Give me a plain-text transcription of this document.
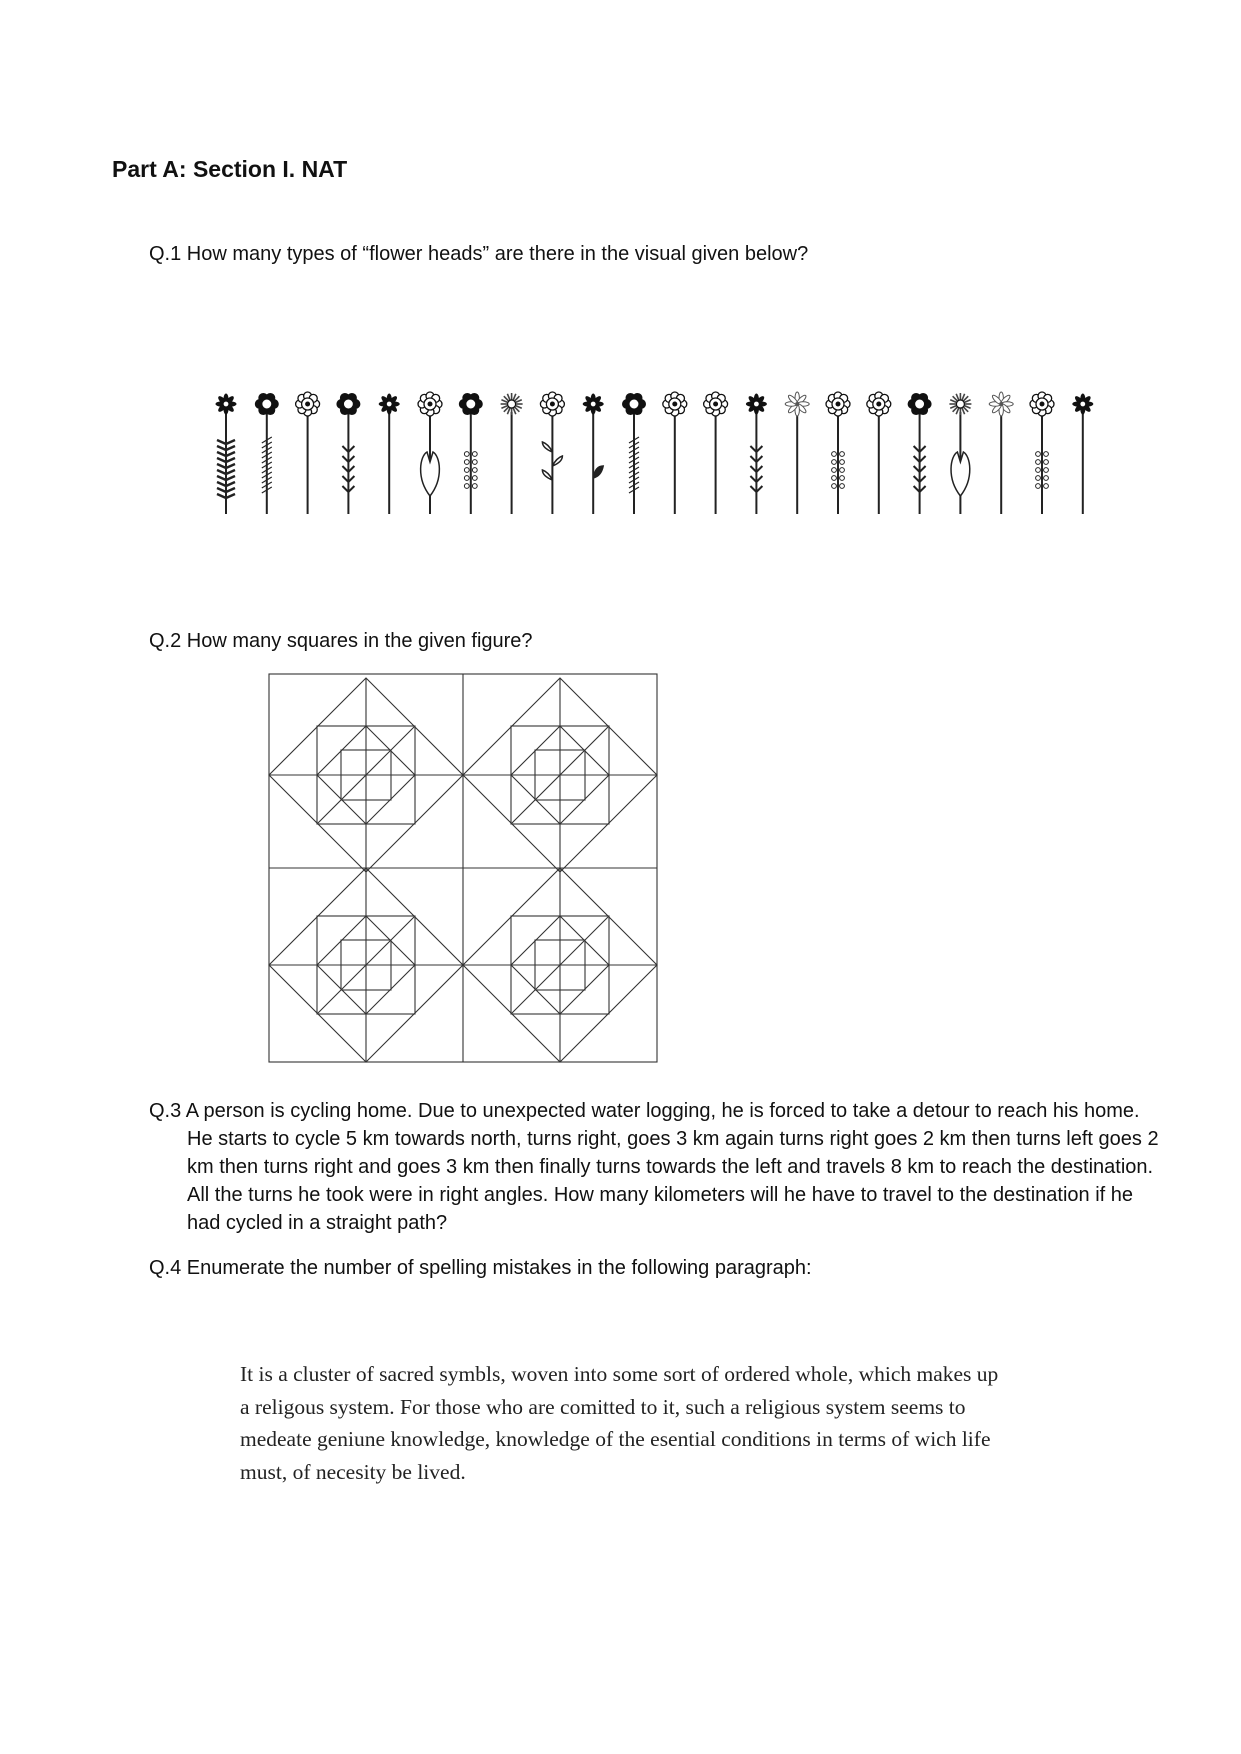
Part A: Section I. NAT
Q.1 How many types of “flower heads” are there in the visual given below?
Q.2 How many squares in the given figure?
Q.3 A person is cycling home. Due to unexpected water logging, he is forced to take a detour to reach his home. He starts to cycle 5 km towards north, turns right, goes 3 km again turns right goes 2 km then turns left goes 2 km then turns right and goes 3 km then finally turns towards the left and travels 8 km to reach the destination. All the turns he took were in right angles. How many kilometers will he have to travel to the destination if he had cycled in a straight path?
Q.4 Enumerate the number of spelling mistakes in the following paragraph:
It is a cluster of sacred symbls, woven into some sort of ordered whole, which makes up a religous system. For those who are comitted to it, such a religious system seems to medeate geniune knowledge, knowledge of the esential conditions in terms of wich life must, of necesity be lived.
